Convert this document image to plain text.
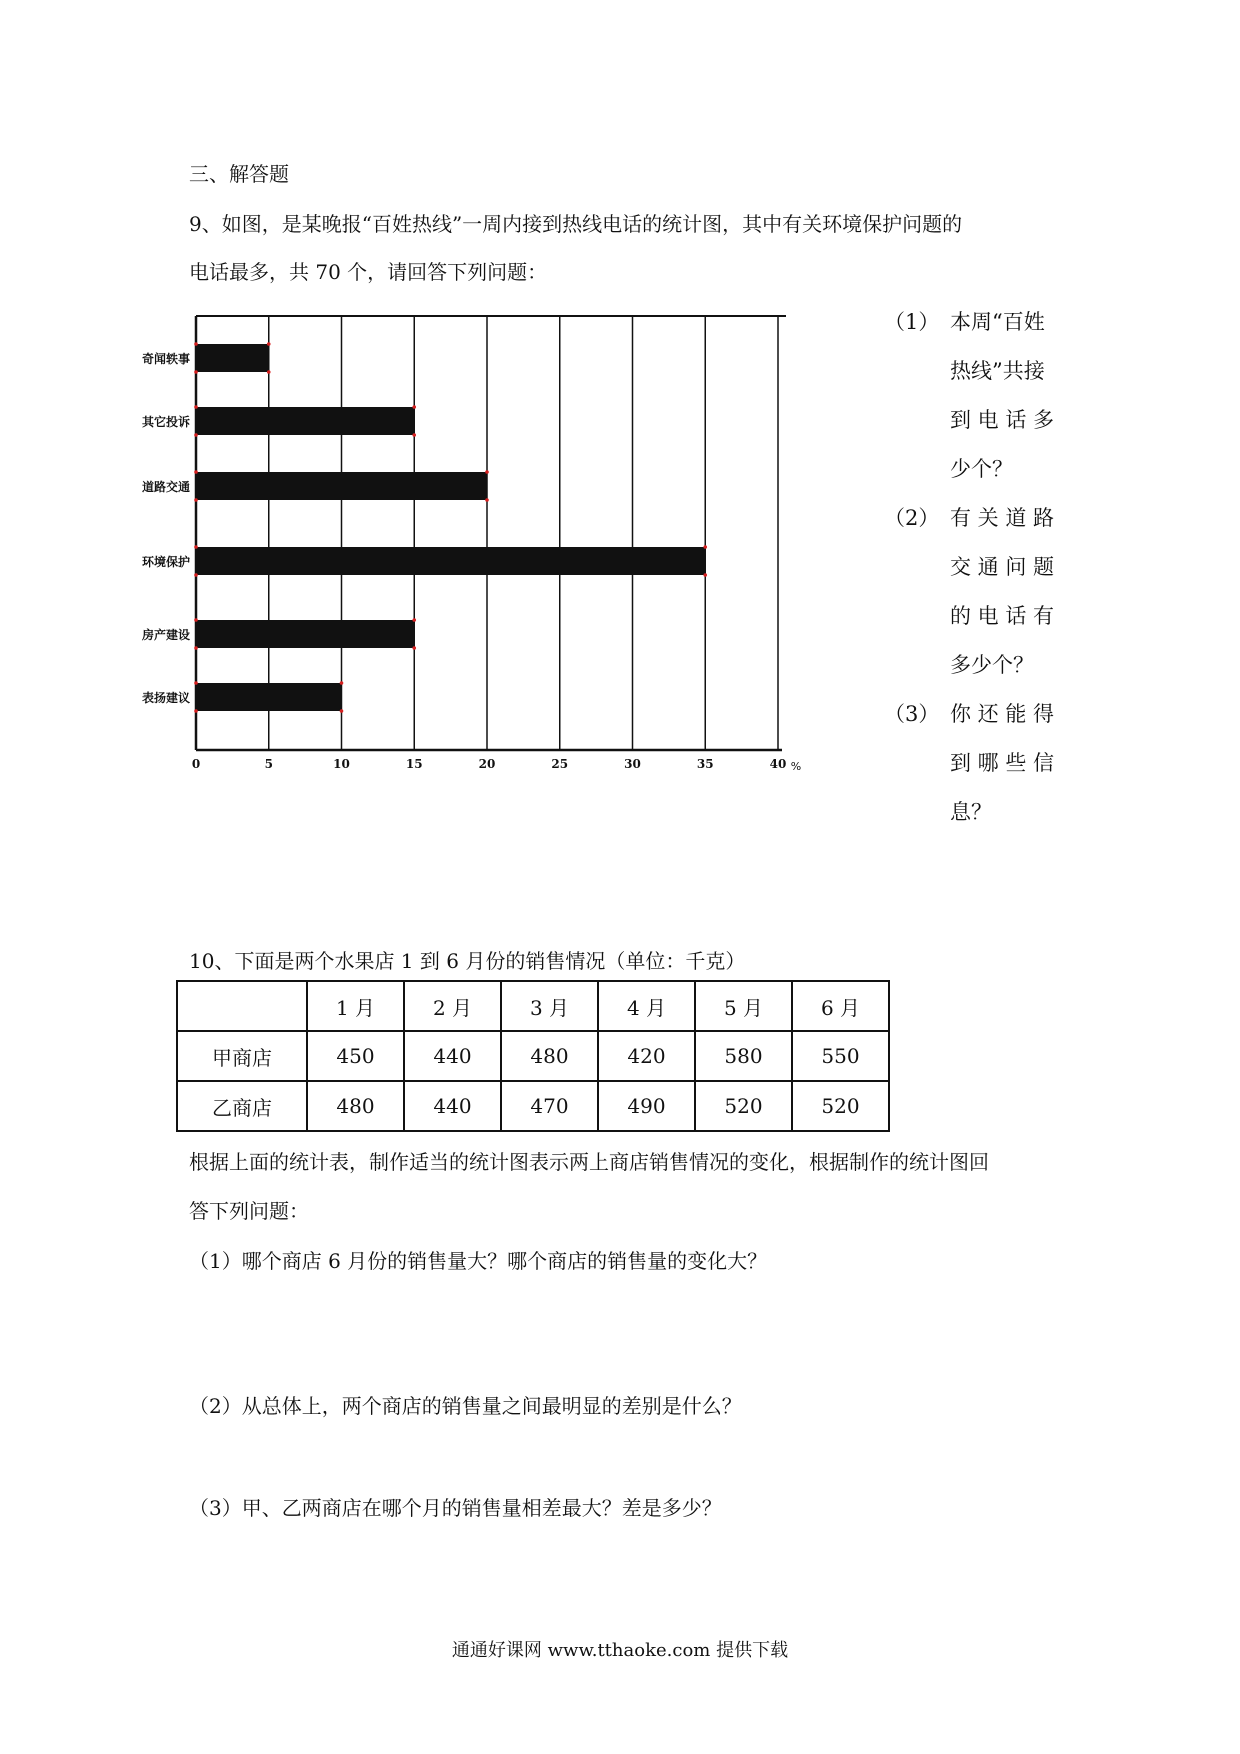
三、解答题
9、如图，是某晚报“百姓热线”一周内接到热线电话的统计图，其中有关环境保护问题的
电话最多，共 70 个，请回答下列问题：
奇闻轶事
其它投诉
道路交通
环境保护
房产建设
表扬建议
0	5	10	15	20	25	30	35	40 %
（1） 本周“百姓
热线”共接
到 电 话 多
少个？
（2） 有 关 道 路
交 通 问 题
的 电 话 有
多少个？
（3） 你 还 能 得
到 哪 些 信
息？
10、下面是两个水果店 1 到 6 月份的销售情况（单位：千克）
	1 月	2 月	3 月	4 月	5 月	6 月
甲商店	450	440	480	420	580	550
乙商店	480	440	470	490	520	520
根据上面的统计表，制作适当的统计图表示两上商店销售情况的变化，根据制作的统计图回
答下列问题：
（1）哪个商店 6 月份的销售量大？哪个商店的销售量的变化大？
（2）从总体上，两个商店的销售量之间最明显的差别是什么？
（3）甲、乙两商店在哪个月的销售量相差最大？差是多少？
通通好课网 www.tthaoke.com 提供下载
